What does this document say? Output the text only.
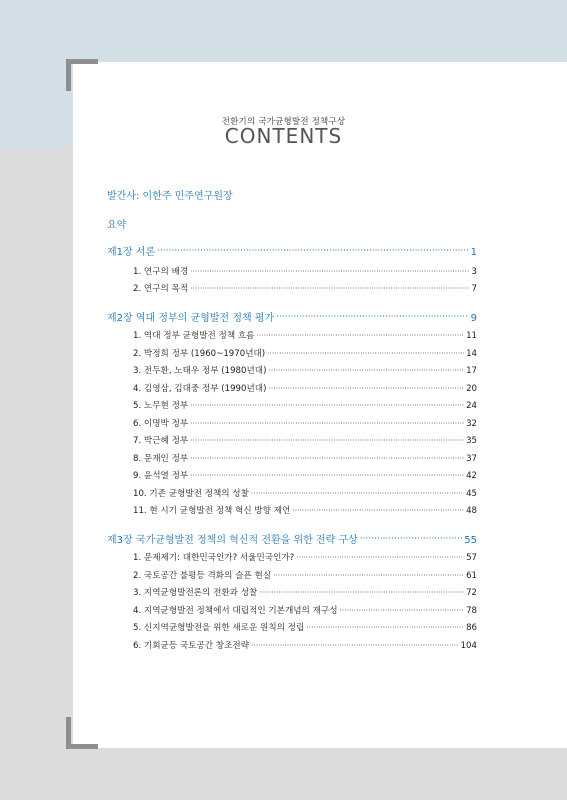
전환기의 국가균형발전 정책구상
CONTENTS
발간사: 이한주 민주연구원장
요약
제1장 서론 ·····	1
1. 연구의 배경 ·····	3
2. 연구의 목적 ·····	7
제2장 역대 정부의 균형발전 정책 평가 ·····	9
1. 역대 정부 균형발전 정책 흐름 ·····	11
2. 박정희 정부 (1960~1970년대) ·····	14
3. 전두환, 노태우 정부 (1980년대) ·····	17
4. 김영삼, 김대중 정부 (1990년대) ·····	20
5. 노무현 정부 ·····	24
6. 이명박 정부 ·····	32
7. 박근혜 정부 ·····	35
8. 문재인 정부 ·····	37
9. 윤석열 정부 ·····	42
10. 기존 균형발전 정책의 성찰 ·····	45
11. 현 시기 균형발전 정책 혁신 방향 제언 ·····	48
제3장 국가균형발전 정책의 혁신적 전환을 위한 전략 구상 ·····	55
1. 문제제기: 대한민국인가? 서울민국인가? ·····	57
2. 국토공간 불평등 격화의 슬픈 현실 ·····	61
3. 지역균형발전론의 전환과 성찰 ·····	72
4. 지역균형발전 정책에서 대립적인 기본개념의 재구성 ·····	78
5. 신지역균형발전을 위한 새로운 원칙의 정립 ·····	86
6. 기회균등 국토공간 창조전략 ·····	104
